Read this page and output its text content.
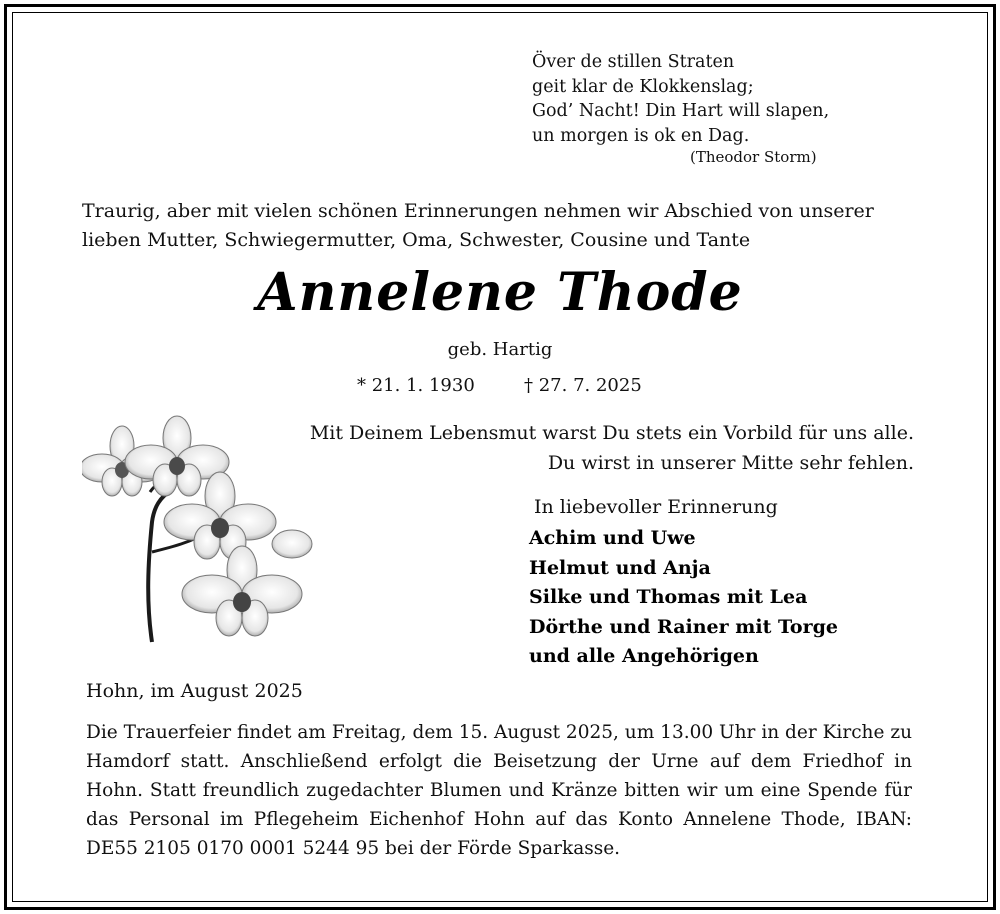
Över de stillen Straten
geit klar de Klokkenslag;
God’ Nacht! Din Hart will slapen,
un morgen is ok en Dag.
(Theodor Storm)
Traurig, aber mit vielen schönen Erinnerungen nehmen wir Abschied von unserer
lieben Mutter, Schwiegermutter, Oma, Schwester, Cousine und Tante
Annelene Thode
geb. Hartig
* 21. 1. 1930	† 27. 7. 2025
Mit Deinem Lebensmut warst Du stets ein Vorbild für uns alle.
Du wirst in unserer Mitte sehr fehlen.
In liebevoller Erinnerung
Achim und Uwe
Helmut und Anja
Silke und Thomas mit Lea
Dörthe und Rainer mit Torge
und alle Angehörigen
Hohn, im August 2025
Die Trauerfeier findet am Freitag, dem 15. August 2025, um 13.00 Uhr in der Kirche zu Hamdorf statt. Anschließend erfolgt die Beisetzung der Urne auf dem Friedhof in Hohn. Statt freundlich zugedachter Blumen und Kränze bitten wir um eine Spende für das Personal im Pflegeheim Eichenhof Hohn auf das Konto Annelene Thode, IBAN: DE55 2105 0170 0001 5244 95 bei der Förde Sparkasse.
